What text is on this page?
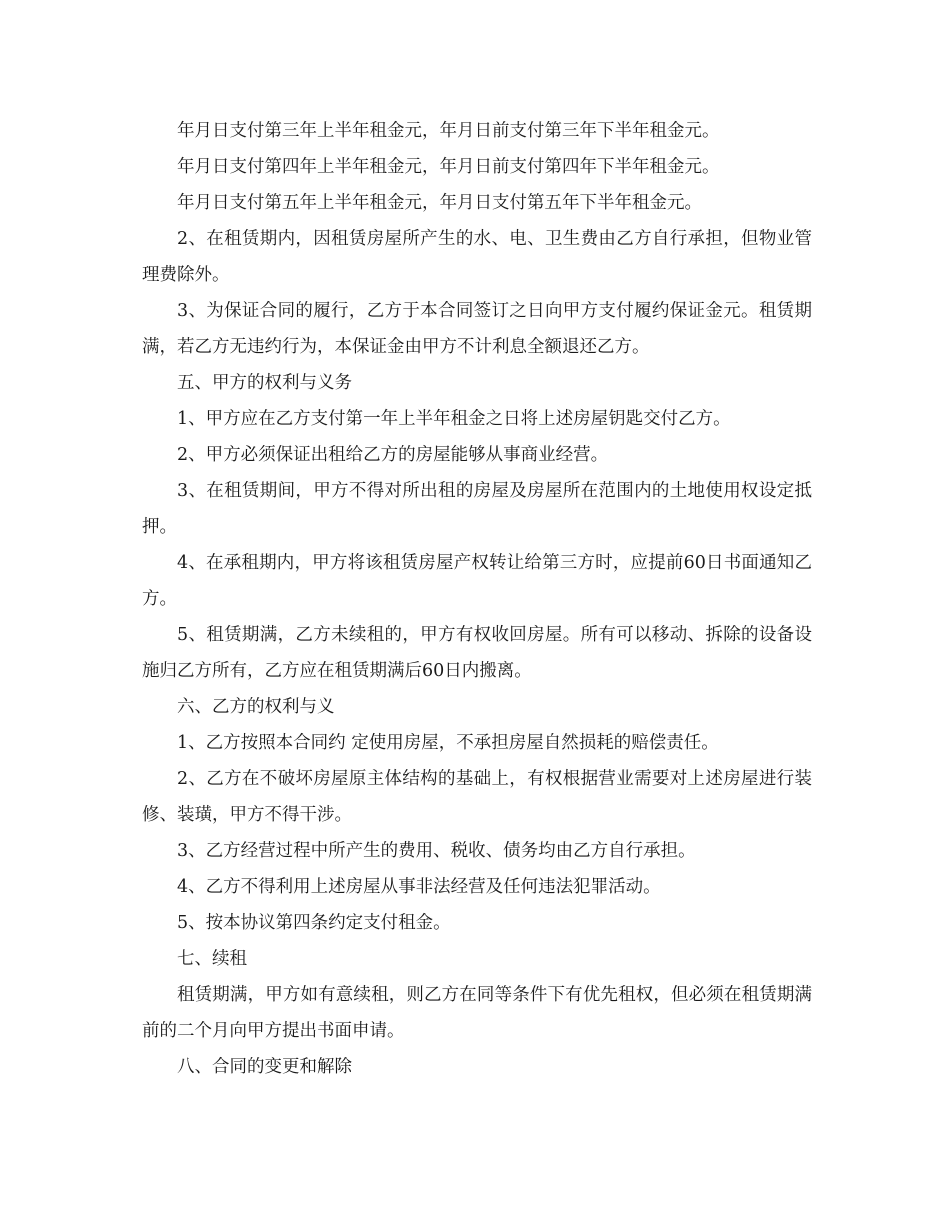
年月日支付第三年上半年租金元，年月日前支付第三年下半年租金元。

年月日支付第四年上半年租金元，年月日前支付第四年下半年租金元。

年月日支付第五年上半年租金元，年月日支付第五年下半年租金元。

2、在租赁期内，因租赁房屋所产生的水、电、卫生费由乙方自行承担，但物业管理费除外。

3、为保证合同的履行，乙方于本合同签订之日向甲方支付履约保证金元。租赁期满，若乙方无违约行为，本保证金由甲方不计利息全额退还乙方。

五、甲方的权利与义务

1、甲方应在乙方支付第一年上半年租金之日将上述房屋钥匙交付乙方。

2、甲方必须保证出租给乙方的房屋能够从事商业经营。

3、在租赁期间，甲方不得对所出租的房屋及房屋所在范围内的土地使用权设定抵押。

4、在承租期内，甲方将该租赁房屋产权转让给第三方时，应提前60日书面通知乙方。

5、租赁期满，乙方未续租的，甲方有权收回房屋。所有可以移动、拆除的设备设施归乙方所有，乙方应在租赁期满后60日内搬离。

六、乙方的权利与义

1、乙方按照本合同约 定使用房屋，不承担房屋自然损耗的赔偿责任。

2、乙方在不破坏房屋原主体结构的基础上，有权根据营业需要对上述房屋进行装修、装璜，甲方不得干涉。

3、乙方经营过程中所产生的费用、税收、债务均由乙方自行承担。

4、乙方不得利用上述房屋从事非法经营及任何违法犯罪活动。

5、按本协议第四条约定支付租金。

七、续租

租赁期满，甲方如有意续租，则乙方在同等条件下有优先租权，但必须在租赁期满前的二个月向甲方提出书面申请。

八、合同的变更和解除
